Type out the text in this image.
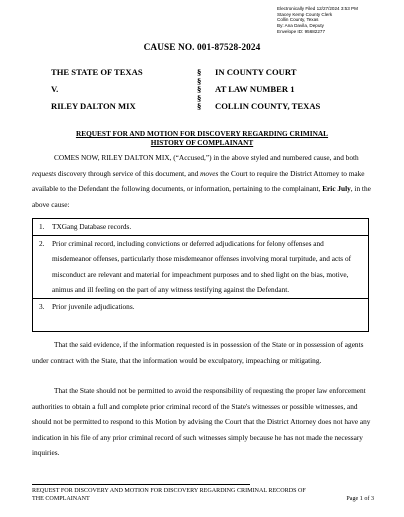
Electronically Filed 12/27/2024 3:53 PM
Stacey Kemp County Clerk
Collin County, Texas
By: Ana Davila, Deputy
Envelope ID: 95682277
CAUSE NO. 001-87528-2024
THE STATE OF TEXAS	§ IN COUNTY COURT
§
V.	§ AT LAW NUMBER 1
§
RILEY DALTON MIX	§ COLLIN COUNTY, TEXAS
REQUEST FOR AND MOTION FOR DISCOVERY REGARDING CRIMINAL
HISTORY OF COMPLAINANT
COMES NOW, RILEY DALTON MIX, (“Accused,”) in the above styled and numbered cause, and both requests discovery through service of this document, and moves the Court to require the District Attorney to make available to the Defendant the following documents, or information, pertaining to the complainant, Eric July, in the above cause:
1. TXGang Database records.
2. Prior criminal record, including convictions or deferred adjudications for felony offenses and misdemeanor offenses, particularly those misdemeanor offenses involving moral turpitude, and acts of misconduct are relevant and material for impeachment purposes and to shed light on the bias, motive, animus and ill feeling on the part of any witness testifying against the Defendant.
3. Prior juvenile adjudications.
That the said evidence, if the information requested is in possession of the State or in possession of agents under contract with the State, that the information would be exculpatory, impeaching or mitigating.
That the State should not be permitted to avoid the responsibility of requesting the proper law enforcement authorities to obtain a full and complete prior criminal record of the State's witnesses or possible witnesses, and should not be permitted to respond to this Motion by advising the Court that the District Attorney does not have any indication in his file of any prior criminal record of such witnesses simply because he has not made the necessary inquiries.
REQUEST FOR DISCOVERY AND MOTION FOR DISCOVERY REGARDING CRIMINAL RECORDS OF
THE COMPLAINANT	Page 1 of 3
